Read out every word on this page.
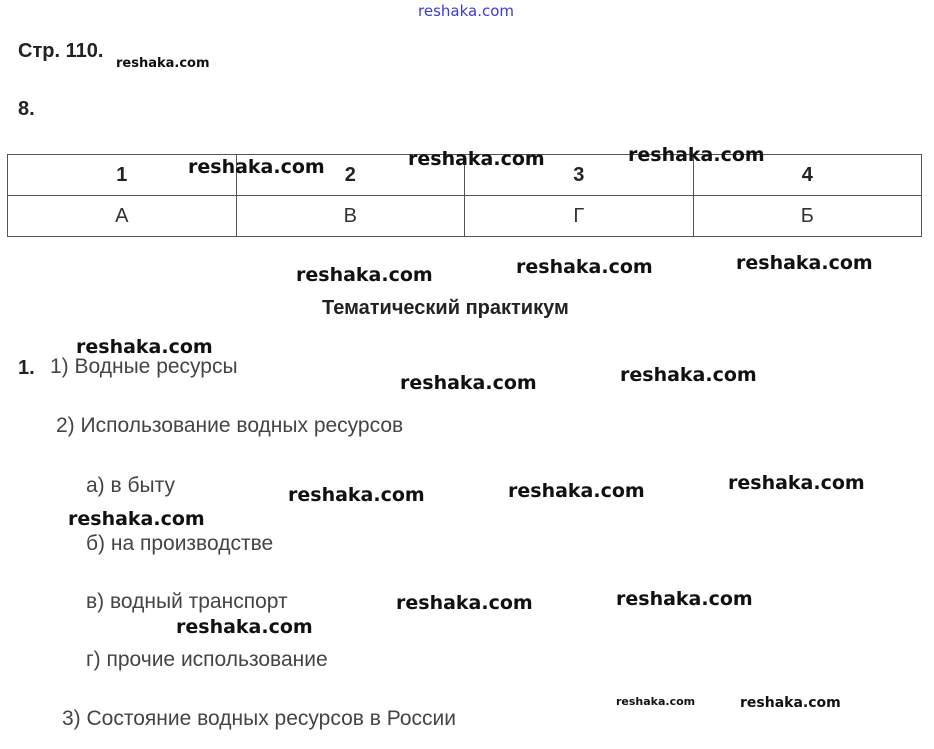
reshaka.com
Стр. 110.
reshaka.com
8.
1	2	3	4
А	В	Г	Б
reshaka.com	reshaka.com	reshaka.com
reshaka.com	reshaka.com	reshaka.com
Тематический практикум
reshaka.com
1. 1) Водные ресурсы
reshaka.com	reshaka.com
2) Использование водных ресурсов
а) в быту	reshaka.com	reshaka.com	reshaka.com
reshaka.com
б) на производстве
в) водный транспорт	reshaka.com	reshaka.com
reshaka.com
г) прочие использование
3) Состояние водных ресурсов в России
reshaka.com	reshaka.com
